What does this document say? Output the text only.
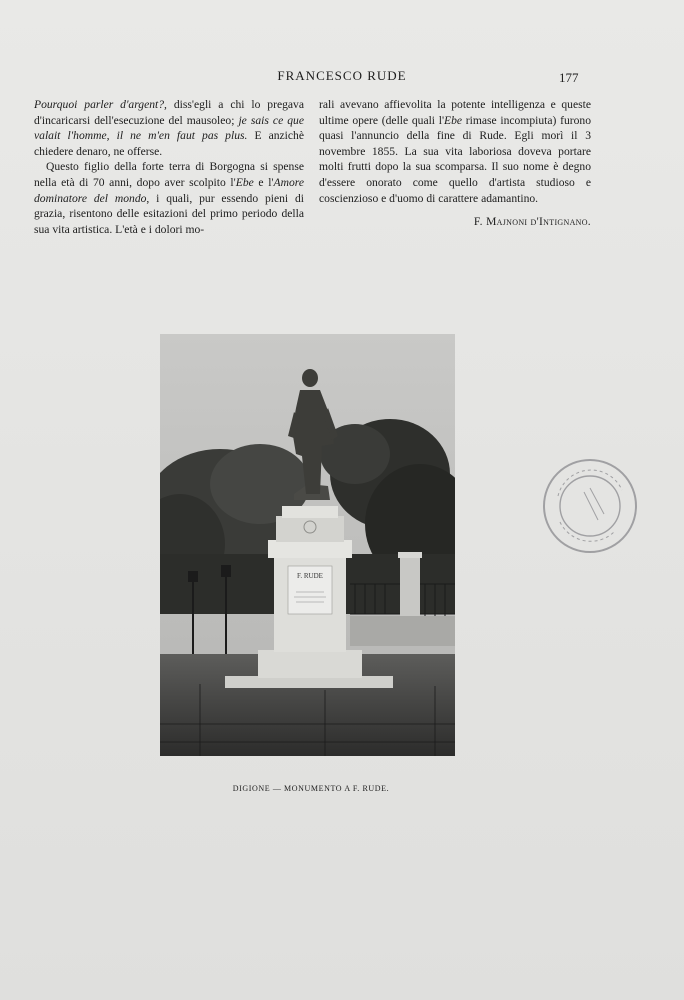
FRANCESCO RUDE	177

Pourquoi parler d'argent?, diss'egli a chi lo pregava d'incaricarsi dell'esecuzione del mausoleo; je sais ce que valait l'homme, il ne m'en faut pas plus. E anzichè chiedere denaro, ne offerse.

Questo figlio della forte terra di Borgogna si spense nella età di 70 anni, dopo aver scolpito l'Ebe e l'Amore dominatore del mondo, i quali, pur essendo pieni di grazia, risentono delle esitazioni del primo periodo della sua vita artistica. L'età e i dolori mo-

rali avevano affievolita la potente intelligenza e queste ultime opere (delle quali l'Ebe rimase incompiuta) furono quasi l'annuncio della fine di Rude. Egli morì il 3 novembre 1855. La sua vita laboriosa doveva portare molti frutti dopo la sua scomparsa. Il suo nome è degno d'essere onorato come quello d'artista studioso e coscienzioso e d'uomo di carattere adamantino.

F. Majnoni d'Intignano.
F. RUDE
DIGIONE — MONUMENTO A F. RUDE.
